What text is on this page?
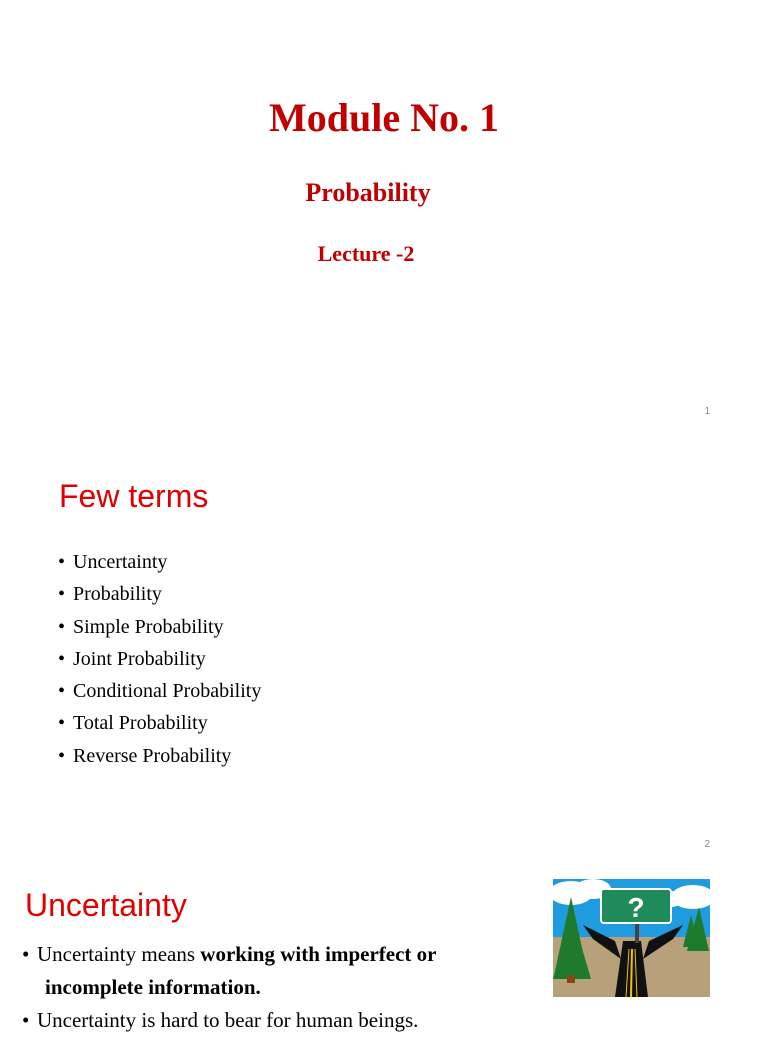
Module No. 1
Probability
Lecture -2
1
Few terms
• Uncertainty
• Probability
• Simple Probability
• Joint Probability
• Conditional Probability
• Total Probability
• Reverse Probability
2
Uncertainty
• Uncertainty means working with imperfect or
incomplete information.
• Uncertainty is hard to bear for human beings.
?
